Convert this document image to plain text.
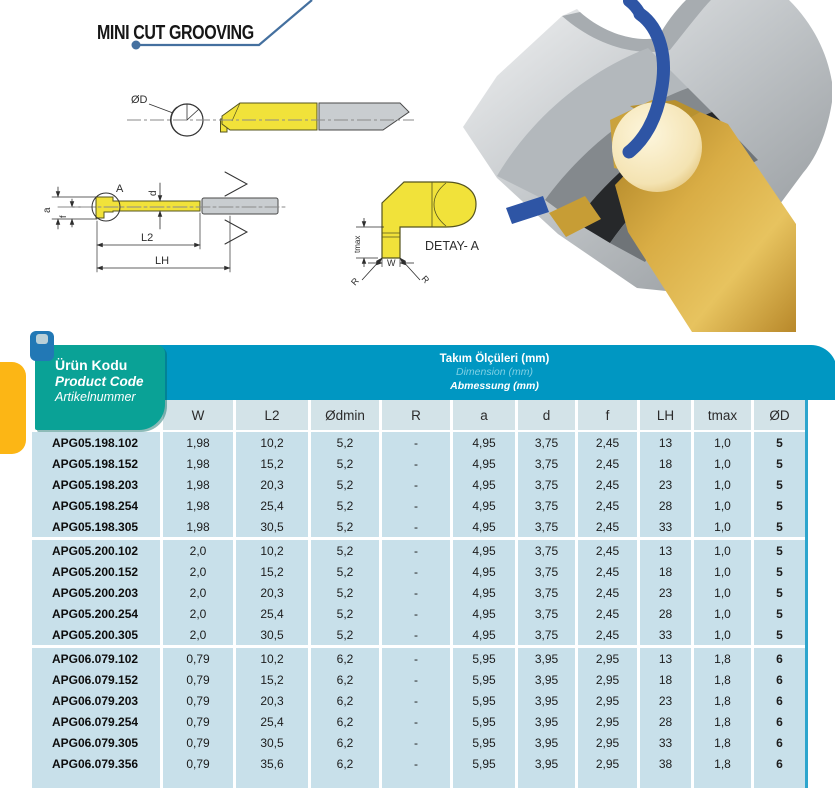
MINI CUT GROOVING
ØD
a
f
A d
L2
LH
tmax
W
R	R
DETAY- A
Takım Ölçüleri (mm)
Dimension (mm)
Abmessung (mm)
Ürün Kodu
Product Code
Artikelnummer
W	L2	Ødmin	R	a	d	f	LH	tmax	ØD
APG05.198.102	1,98	10,2	5,2	-	4,95	3,75	2,45	13	1,0	5
APG05.198.152	1,98	15,2	5,2	-	4,95	3,75	2,45	18	1,0	5
APG05.198.203	1,98	20,3	5,2	-	4,95	3,75	2,45	23	1,0	5
APG05.198.254	1,98	25,4	5,2	-	4,95	3,75	2,45	28	1,0	5
APG05.198.305	1,98	30,5	5,2	-	4,95	3,75	2,45	33	1,0	5
APG05.200.102	2,0	10,2	5,2	-	4,95	3,75	2,45	13	1,0	5
APG05.200.152	2,0	15,2	5,2	-	4,95	3,75	2,45	18	1,0	5
APG05.200.203	2,0	20,3	5,2	-	4,95	3,75	2,45	23	1,0	5
APG05.200.254	2,0	25,4	5,2	-	4,95	3,75	2,45	28	1,0	5
APG05.200.305	2,0	30,5	5,2	-	4,95	3,75	2,45	33	1,0	5
APG06.079.102	0,79	10,2	6,2	-	5,95	3,95	2,95	13	1,8	6
APG06.079.152	0,79	15,2	6,2	-	5,95	3,95	2,95	18	1,8	6
APG06.079.203	0,79	20,3	6,2	-	5,95	3,95	2,95	23	1,8	6
APG06.079.254	0,79	25,4	6,2	-	5,95	3,95	2,95	28	1,8	6
APG06.079.305	0,79	30,5	6,2	-	5,95	3,95	2,95	33	1,8	6
APG06.079.356	0,79	35,6	6,2	-	5,95	3,95	2,95	38	1,8	6
